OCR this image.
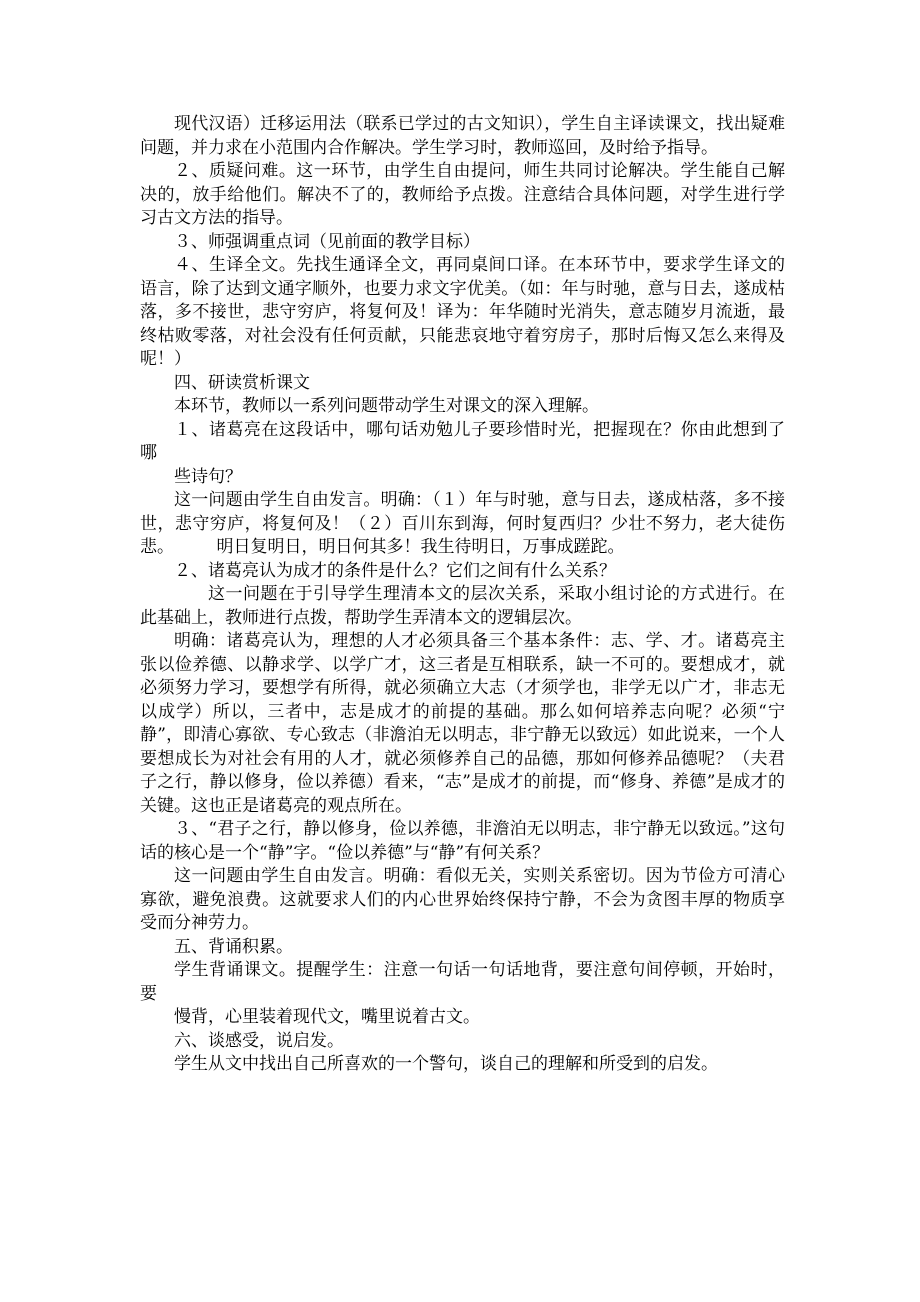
现代汉语）迁移运用法（联系已学过的古文知识），学生自主译读课文，找出疑难问题，并力求在小范围内合作解决。学生学习时，教师巡回，及时给予指导。

２、质疑问难。这一环节，由学生自由提问，师生共同讨论解决。学生能自己解决的，放手给他们。解决不了的，教师给予点拨。注意结合具体问题，对学生进行学习古文方法的指导。

３、师强调重点词（见前面的教学目标）

４、生译全文。先找生通译全文，再同桌间口译。在本环节中，要求学生译文的语言，除了达到文通字顺外，也要力求文字优美。（如：年与时驰，意与日去，遂成枯落，多不接世，悲守穷庐，将复何及！译为：年华随时光消失，意志随岁月流逝，最终枯败零落，对社会没有任何贡献，只能悲哀地守着穷房子，那时后悔又怎么来得及呢！）

四、研读赏析课文

本环节，教师以一系列问题带动学生对课文的深入理解。

１、诸葛亮在这段话中，哪句话劝勉儿子要珍惜时光，把握现在？你由此想到了哪

些诗句？

这一问题由学生自由发言。明确：（１）年与时驰，意与日去，遂成枯落，多不接世，悲守穷庐，将复何及！（２）百川东到海，何时复西归？少壮不努力，老大徒伤悲。　　　明日复明日，明日何其多！我生待明日，万事成蹉跎。

２、诸葛亮认为成才的条件是什么？它们之间有什么关系？

这一问题在于引导学生理清本文的层次关系，采取小组讨论的方式进行。在此基础上，教师进行点拨，帮助学生弄清本文的逻辑层次。

明确：诸葛亮认为，理想的人才必须具备三个基本条件：志、学、才。诸葛亮主张以俭养德、以静求学、以学广才，这三者是互相联系，缺一不可的。要想成才，就必须努力学习，要想学有所得，就必须确立大志（才须学也，非学无以广才，非志无以成学）所以，三者中，志是成才的前提的基础。那么如何培养志向呢？必须“宁静”，即清心寡欲、专心致志（非澹泊无以明志，非宁静无以致远）如此说来，一个人要想成长为对社会有用的人才，就必须修养自己的品德，那如何修养品德呢？（夫君子之行，静以修身，俭以养德）看来，“志”是成才的前提，而“修身、养德”是成才的关键。这也正是诸葛亮的观点所在。

３、“君子之行，静以修身，俭以养德，非澹泊无以明志，非宁静无以致远。”这句话的核心是一个“静”字。“俭以养德”与“静”有何关系？

这一问题由学生自由发言。明确：看似无关，实则关系密切。因为节俭方可清心寡欲，避免浪费。这就要求人们的内心世界始终保持宁静，不会为贪图丰厚的物质享受而分神劳力。

五、背诵积累。

学生背诵课文。提醒学生：注意一句话一句话地背，要注意句间停顿，开始时，要

慢背，心里装着现代文，嘴里说着古文。

六、谈感受，说启发。

学生从文中找出自己所喜欢的一个警句，谈自己的理解和所受到的启发。
